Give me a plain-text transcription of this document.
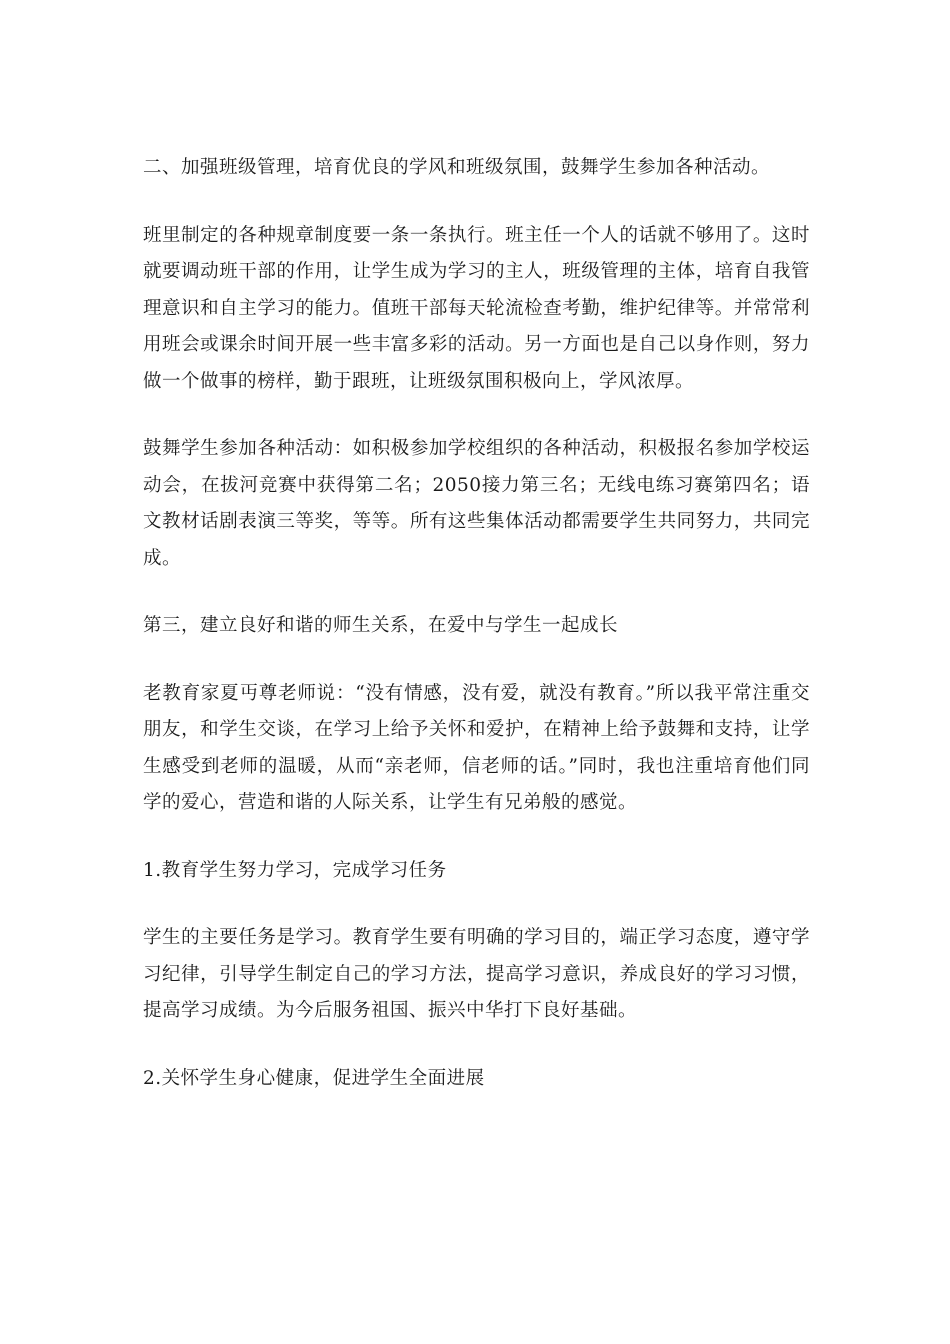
二、加强班级管理，培育优良的学风和班级氛围，鼓舞学生参加各种活动。

班里制定的各种规章制度要一条一条执行。班主任一个人的话就不够用了。这时就要调动班干部的作用，让学生成为学习的主人，班级管理的主体，培育自我管理意识和自主学习的能力。值班干部每天轮流检查考勤，维护纪律等。并常常利用班会或课余时间开展一些丰富多彩的活动。另一方面也是自己以身作则，努力做一个做事的榜样，勤于跟班，让班级氛围积极向上，学风浓厚。

鼓舞学生参加各种活动：如积极参加学校组织的各种活动，积极报名参加学校运动会，在拔河竞赛中获得第二名；2050接力第三名；无线电练习赛第四名；语文教材话剧表演三等奖，等等。所有这些集体活动都需要学生共同努力，共同完成。

第三，建立良好和谐的师生关系，在爱中与学生一起成长

老教育家夏丏尊老师说：“没有情感，没有爱，就没有教育。”所以我平常注重交朋友，和学生交谈，在学习上给予关怀和爱护，在精神上给予鼓舞和支持，让学生感受到老师的温暖，从而“亲老师，信老师的话。”同时，我也注重培育他们同学的爱心，营造和谐的人际关系，让学生有兄弟般的感觉。

1.教育学生努力学习，完成学习任务

学生的主要任务是学习。教育学生要有明确的学习目的，端正学习态度，遵守学习纪律，引导学生制定自己的学习方法，提高学习意识，养成良好的学习习惯，提高学习成绩。为今后服务祖国、振兴中华打下良好基础。

2.关怀学生身心健康，促进学生全面进展
